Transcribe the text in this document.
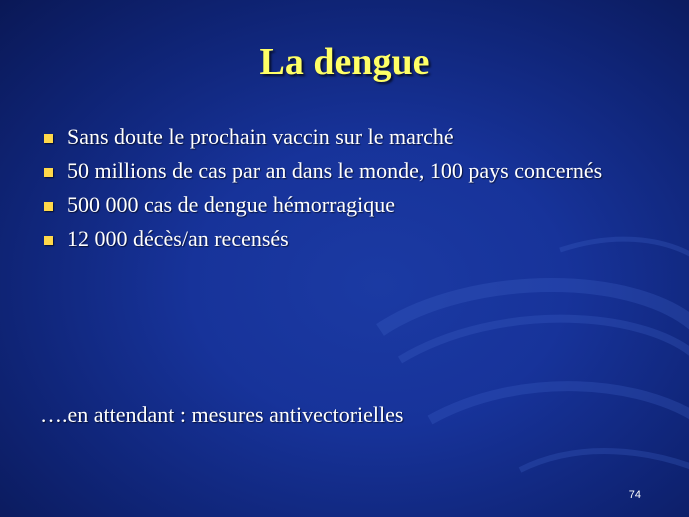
La dengue
Sans doute le prochain vaccin sur le marché
50 millions de cas par an dans le monde, 100 pays concernés
500 000 cas de dengue hémorragique
12 000 décès/an recensés
….en attendant : mesures antivectorielles
74
